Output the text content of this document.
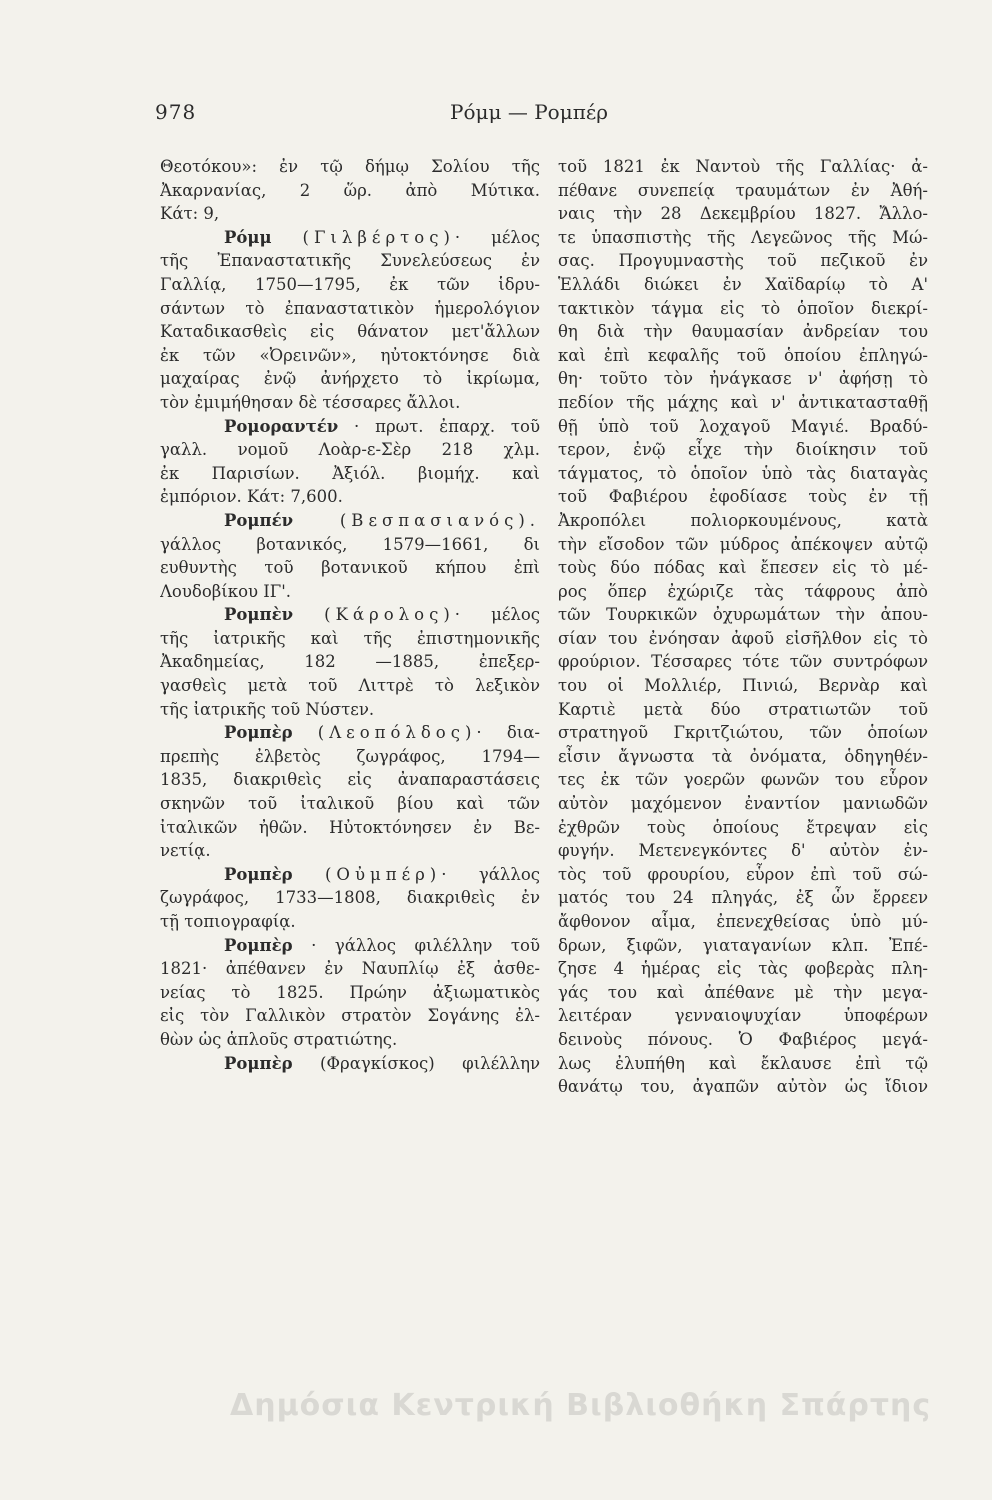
978	Ρόμμ — Ρομπέρ
Θεοτόκου»: ἐν τῷ δήμῳ Σολίου τῆς
Ἀκαρνανίας, 2 ὥρ. ἀπὸ Μύτικα.
Κάτ: 9,
Ρόμμ (Γιλβέρτος)· μέλος
τῆς Ἐπαναστατικῆς Συνελεύσεως ἐν
Γαλλίᾳ, 1750—1795, ἐκ τῶν ἱδρυ-
σάντων τὸ ἐπαναστατικὸν ἡμερολόγιον
Καταδικασθεὶς εἰς θάνατον μετ'ἄλλων
ἐκ τῶν «Ὀρεινῶν», ηὐτοκτόνησε διὰ
μαχαίρας ἐνῷ ἀνήρχετο τὸ ἰκρίωμα,
τὸν ἐμιμήθησαν δὲ τέσσαρες ἄλλοι.
Ρομοραντέν · πρωτ. ἐπαρχ. τοῦ
γαλλ. νομοῦ Λοὰρ-ε-Σὲρ 218 χλμ.
ἐκ Παρισίων. Ἀξιόλ. βιομήχ. καὶ
ἐμπόριον. Κάτ: 7,600.
Ρομπέν	(Βεσπασιανός).
γάλλος βοτανικός, 1579—1661, δι
ευθυντὴς τοῦ βοτανικοῦ κήπου ἐπὶ
Λουδοβίκου ΙΓ'.
Ρομπὲν (Κάρολος)· μέλος
τῆς ἰατρικῆς καὶ τῆς ἐπιστημονικῆς
Ἀκαδημείας, 182 —1885, ἐπεξερ-
γασθεὶς μετὰ τοῦ Λιττρὲ τὸ λεξικὸν
τῆς ἰατρικῆς τοῦ Νύστεν.
Ρομπὲρ (Λεοπόλδος)· δια-
πρεπὴς ἐλβετὸς ζωγράφος, 1794—
1835, διακριθεὶς εἰς ἀναπαραστάσεις
σκηνῶν τοῦ ἰταλικοῦ βίου καὶ τῶν
ἰταλικῶν ἠθῶν. Ηὐτοκτόνησεν ἐν Βε-
νετίᾳ.
Ρομπὲρ (Οὐμπέρ)· γάλλος
ζωγράφος, 1733—1808, διακριθεὶς ἐν
τῇ τοπιογραφίᾳ.
Ρομπὲρ · γάλλος φιλέλλην τοῦ
1821· ἀπέθανεν ἐν Ναυπλίῳ ἐξ ἀσθε-
νείας τὸ 1825. Πρώην ἀξιωματικὸς
εἰς τὸν Γαλλικὸν στρατὸν Σογάνης ἐλ-
θὼν ὡς ἁπλοῦς στρατιώτης.
Ρομπὲρ (Φραγκίσκος) φιλέλλην
τοῦ 1821 ἐκ Ναντοὺ τῆς Γαλλίας· ἀ-
πέθανε συνεπείᾳ τραυμάτων ἐν Ἀθή-
ναις τὴν 28 Δεκεμβρίου 1827. Ἄλλο-
τε ὑπασπιστὴς τῆς Λεγεῶνος τῆς Μώ-
σας. Προγυμναστὴς τοῦ πεζικοῦ ἐν
Ἑλλάδι διώκει ἐν Χαϊδαρίῳ τὸ Α'
τακτικὸν τάγμα εἰς τὸ ὁποῖον διεκρί-
θη διὰ τὴν θαυμασίαν ἀνδρείαν του
καὶ ἐπὶ κεφαλῆς τοῦ ὁποίου ἐπληγώ-
θη· τοῦτο τὸν ἠνάγκασε ν' ἀφήσῃ τὸ
πεδίον τῆς μάχης καὶ ν' ἀντικατασταθῇ
θῇ ὑπὸ τοῦ λοχαγοῦ Μαγιέ. Βραδύ-
τερον, ἐνῷ εἶχε τὴν διοίκησιν τοῦ
τάγματος, τὸ ὁποῖον ὑπὸ τὰς διαταγὰς
τοῦ Φαβιέρου ἐφοδίασε τοὺς ἐν τῇ
Ἀκροπόλει πολιορκουμένους, κατὰ
τὴν εἴσοδον τῶν μύδρος ἀπέκοψεν αὐτῷ
τοὺς δύο πόδας καὶ ἔπεσεν εἰς τὸ μέ-
ρος ὅπερ ἐχώριζε τὰς τάφρους ἀπὸ
τῶν Τουρκικῶν ὀχυρωμάτων τὴν ἀπου-
σίαν του ἐνόησαν ἀφοῦ εἰσῆλθον εἰς τὸ
φρούριον. Τέσσαρες τότε τῶν συντρόφων
του οἱ Μολλιέρ, Πινιώ, Βερνὰρ καὶ
Καρτιὲ μετὰ δύο στρατιωτῶν τοῦ
στρατηγοῦ Γκριτζιώτου, τῶν ὁποίων
εἶσιν ἄγνωστα τὰ ὀνόματα, ὁδηγηθέν-
τες ἐκ τῶν γοερῶν φωνῶν του εὗρον
αὐτὸν μαχόμενον ἐναντίον μανιωδῶν
ἐχθρῶν τοὺς ὁποίους ἔτρεψαν εἰς
φυγήν. Μετενεγκόντες δ' αὐτὸν ἐν-
τὸς τοῦ φρουρίου, εὗρον ἐπὶ τοῦ σώ-
ματός του 24 πληγάς, ἐξ ὧν ἔρρεεν
ἄφθονον αἷμα, ἐπενεχθείσας ὑπὸ μύ-
δρων, ξιφῶν, γιαταγανίων κλπ. Ἐπέ-
ζησε 4 ἡμέρας εἰς τὰς φοβερὰς πλη-
γάς του καὶ ἀπέθανε μὲ τὴν μεγα-
λειτέραν γενναιοψυχίαν ὑποφέρων
δεινοὺς πόνους. Ὁ Φαβιέρος μεγά-
λως ἐλυπήθη καὶ ἔκλαυσε ἐπὶ τῷ
θανάτῳ του, ἀγαπῶν αὐτὸν ὡς ἴδιον
Δημόσια Κεντρική Βιβλιοθήκη Σπάρτης
